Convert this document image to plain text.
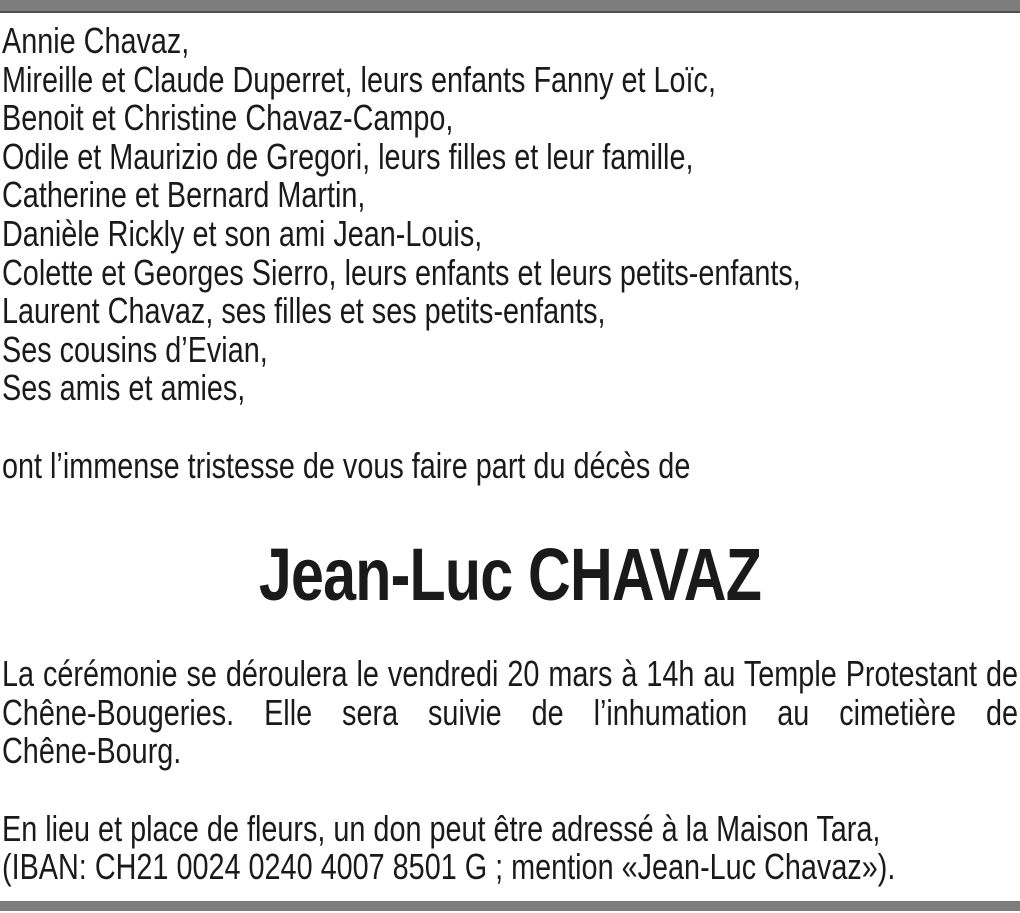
Annie Chavaz,
Mireille et Claude Duperret, leurs enfants Fanny et Loïc,
Benoit et Christine Chavaz-Campo,
Odile et Maurizio de Gregori, leurs filles et leur famille,
Catherine et Bernard Martin,
Danièle Rickly et son ami Jean-Louis,
Colette et Georges Sierro, leurs enfants et leurs petits-enfants,
Laurent Chavaz, ses filles et ses petits-enfants,
Ses cousins d’Evian,
Ses amis et amies,
ont l’immense tristesse de vous faire part du décès de
Jean-Luc CHAVAZ
La cérémonie se déroulera le vendredi 20 mars à 14h au Temple Protestant de
Chêne-Bougeries. Elle sera suivie de l’inhumation au cimetière de
Chêne-Bourg.
En lieu et place de fleurs, un don peut être adressé à la Maison Tara,
(IBAN: CH21 0024 0240 4007 8501 G ; mention «Jean-Luc Chavaz»).
